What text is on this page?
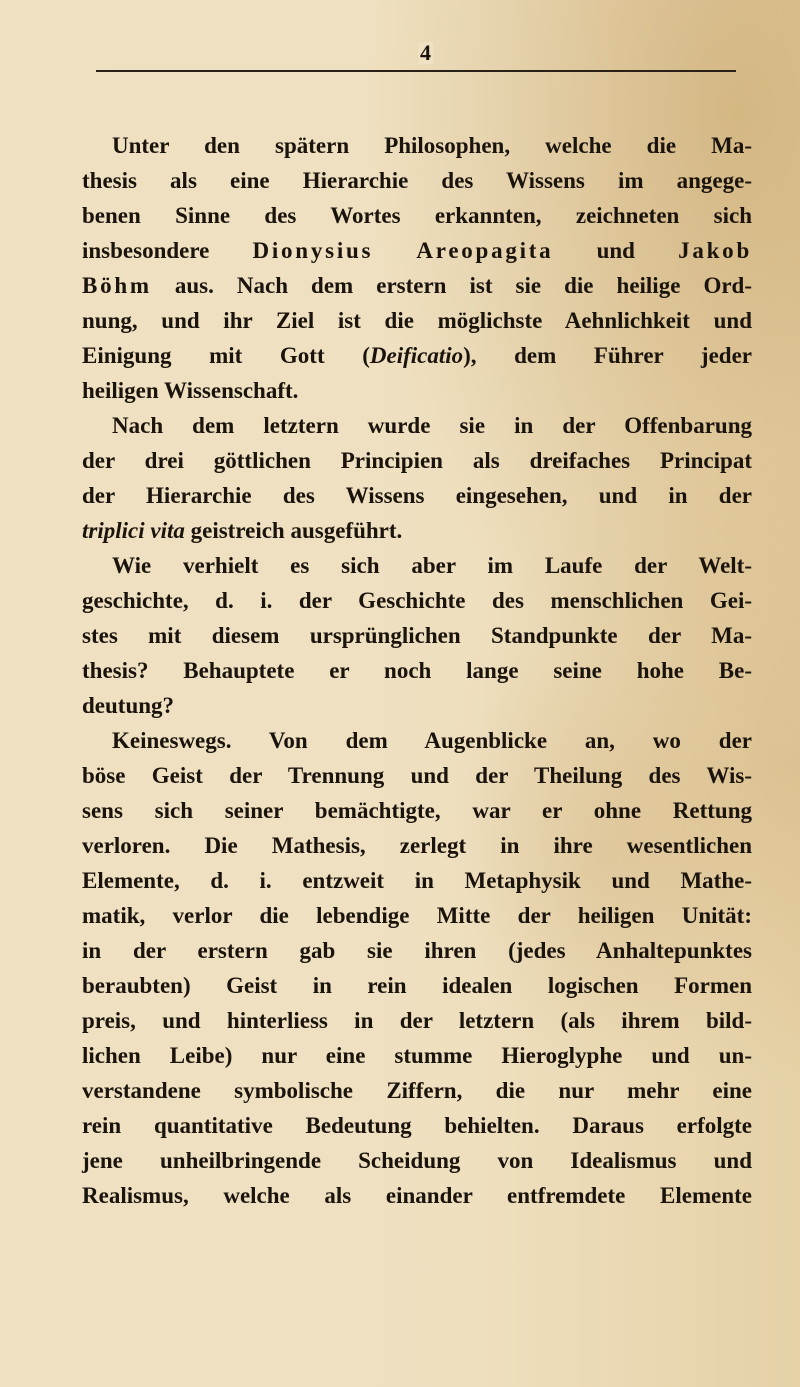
4
Unter den spätern Philosophen, welche die Ma-
thesis als eine Hierarchie des Wissens im angege-
benen Sinne des Wortes erkannten, zeichneten sich
insbesondere Dionysius Areopagita und Jakob
Böhm aus. Nach dem erstern ist sie die heilige Ord-
nung, und ihr Ziel ist die möglichste Aehnlichkeit und
Einigung mit Gott (Deificatio), dem Führer jeder
heiligen Wissenschaft.
Nach dem letztern wurde sie in der Offenbarung
der drei göttlichen Principien als dreifaches Principat
der Hierarchie des Wissens eingesehen, und in der
triplici vita geistreich ausgeführt.
Wie verhielt es sich aber im Laufe der Welt-
geschichte, d. i. der Geschichte des menschlichen Gei-
stes mit diesem ursprünglichen Standpunkte der Ma-
thesis? Behauptete er noch lange seine hohe Be-
deutung?
Keineswegs. Von dem Augenblicke an, wo der
böse Geist der Trennung und der Theilung des Wis-
sens sich seiner bemächtigte, war er ohne Rettung
verloren. Die Mathesis, zerlegt in ihre wesentlichen
Elemente, d. i. entzweit in Metaphysik und Mathe-
matik, verlor die lebendige Mitte der heiligen Unität:
in der erstern gab sie ihren (jedes Anhaltepunktes
beraubten) Geist in rein idealen logischen Formen
preis, und hinterliess in der letztern (als ihrem bild-
lichen Leibe) nur eine stumme Hieroglyphe und un-
verstandene symbolische Ziffern, die nur mehr eine
rein quantitative Bedeutung behielten. Daraus erfolgte
jene unheilbringende Scheidung von Idealismus und
Realismus, welche als einander entfremdete Elemente
